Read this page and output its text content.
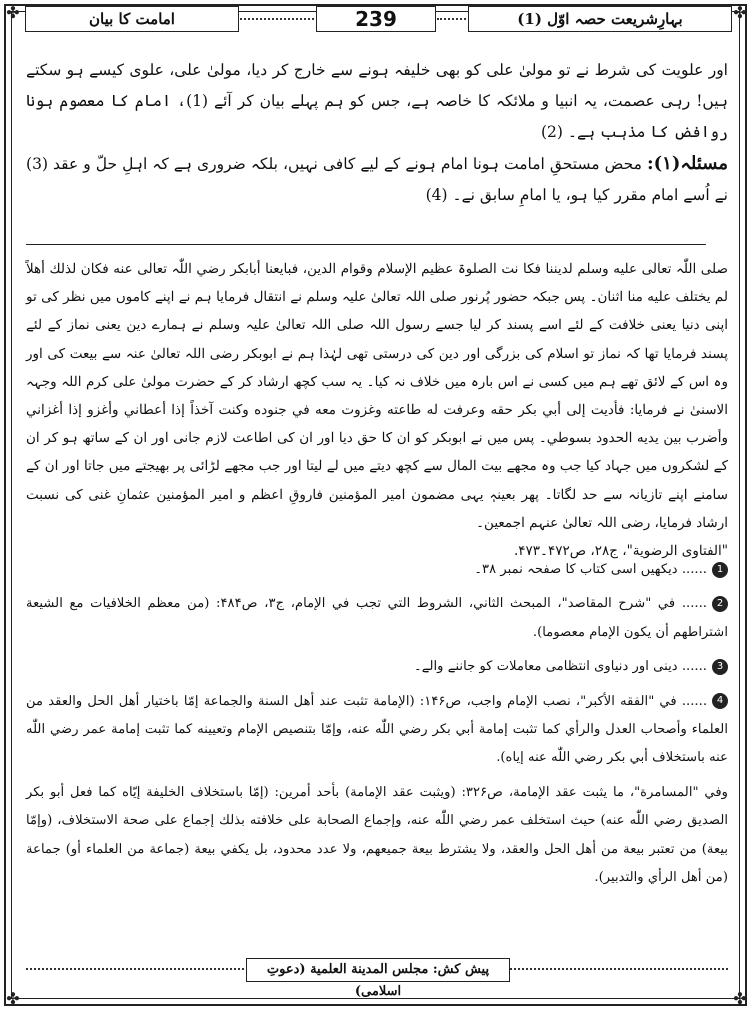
✤	✤
✤	✤
بہارِشریعت حصہ اوّل (1)
239
امامت کا بیان

اور علویت کی شرط نے تو مولیٰ علی کو بھی خلیفہ ہونے سے خارج کر دیا، مولیٰ علی، علوی کیسے ہو سکتے ہیں! رہی عصمت، یہ انبیا و ملائکہ کا خاصہ ہے، جس کو ہم پہلے بیان کر آئے (1)، امام کا معصوم ہونا روافض کا مذہب ہے۔ (2)

مسئلہ(۱): محض مستحقِ امامت ہونا امام ہونے کے لیے کافی نہیں، بلکہ ضروری ہے کہ اہلِ حلّ و عقد (3) نے اُسے امام مقرر کیا ہو، یا امامِ سابق نے۔ (4)

صلی اللّٰہ تعالی علیه وسلم لدیننا فکا نت الصلوۃ عظیم الإسلام وقوام الدین، فبایعنا أبابکر رضي اللّٰہ تعالی عنه فکان لذلك أهلاً لم یختلف علیه منا اثنان۔ پس جبکہ حضور پُرنور صلی اللہ تعالیٰ علیہ وسلم نے انتقال فرمایا ہم نے اپنے کاموں میں نظر کی تو اپنی دنیا یعنی خلافت کے لئے اسے پسند کر لیا جسے رسول اللہ صلی اللہ تعالیٰ علیہ وسلم نے ہمارے دین یعنی نماز کے لئے پسند فرمایا تھا کہ نماز تو اسلام کی بزرگی اور دین کی درستی تھی لہٰذا ہم نے ابوبکر رضی اللہ تعالیٰ عنہ سے بیعت کی اور وہ اس کے لائق تھے ہم میں کسی نے اس بارہ میں خلاف نہ کیا۔ یہ سب کچھ ارشاد کر کے حضرت مولیٰ علی کرم اللہ وجہہ الاسنیٰ نے فرمایا: فأدیت إلی أبي بکر حقه وعرفت له طاعته وغزوت معه في جنوده وکنت آخذاً إذا أعطاني وأغزو إذا أغزاني وأضرب بین یدیه الحدود بسوطي۔ پس میں نے ابوبکر کو ان کا حق دیا اور ان کی اطاعت لازم جانی اور ان کے ساتھ ہو کر ان کے لشکروں میں جہاد کیا جب وہ مجھے بیت المال سے کچھ دیتے میں لے لیتا اور جب مجھے لڑائی پر بھیجتے میں جاتا اور ان کے سامنے اپنے تازیانہ سے حد لگاتا۔ پھر بعینہٖ یہی مضمون امیر المؤمنین فاروقِ اعظم و امیر المؤمنین عثمانِ غنی کی نسبت ارشاد فرمایا، رضی اللہ تعالیٰ عنہم اجمعین۔

"الفتاوی الرضویة"، ج۲۸، ص۴۷۲۔۴۷۳.

1...... دیکھیں اسی کتاب کا صفحہ نمبر ۳۸۔

2...... في "شرح المقاصد"، المبحث الثاني، الشروط التي تجب في الإمام، ج۳، ص۴۸۴: (من معظم الخلافیات مع الشیعة اشتراطهم أن یکون الإمام معصوما).

3...... دینی اور دنیاوی انتظامی معاملات کو جاننے والے۔

4...... في "الفقه الأکبر"، نصب الإمام واجب، ص۱۴۶: (الإمامة تثبت عند أهل السنة والجماعة إمّا باختیار أهل الحل والعقد من العلماء وأصحاب العدل والرأي کما تثبت إمامة أبي بکر رضي اللّٰه عنه، وإمّا بتنصیص الإمام وتعیینه کما تثبت إمامة عمر رضي اللّٰه عنه باستخلاف أبي بکر رضي اللّٰه عنه إیاه).

وفي "المسامرة"، ما یثبت عقد الإمامة، ص۳۲۶: (ویثبت عقد الإمامة) بأحد أمرین: (إمّا باستخلاف الخلیفة إیّاه کما فعل أبو بکر الصدیق رضي اللّٰه عنه) حیث استخلف عمر رضي اللّٰه عنه، وإجماع الصحابة علی خلافته بذلك إجماع علی صحة الاستخلاف، (وإمّا بیعة) من تعتبر بیعة من أهل الحل والعقد، ولا یشترط بیعة جمیعهم، ولا عدد محدود، بل یکفي بیعة (جماعة من العلماء أو) جماعة (من أهل الرأي والتدبیر).

پیش کش: مجلس المدینة العلمیة (دعوتِ اسلامی)
